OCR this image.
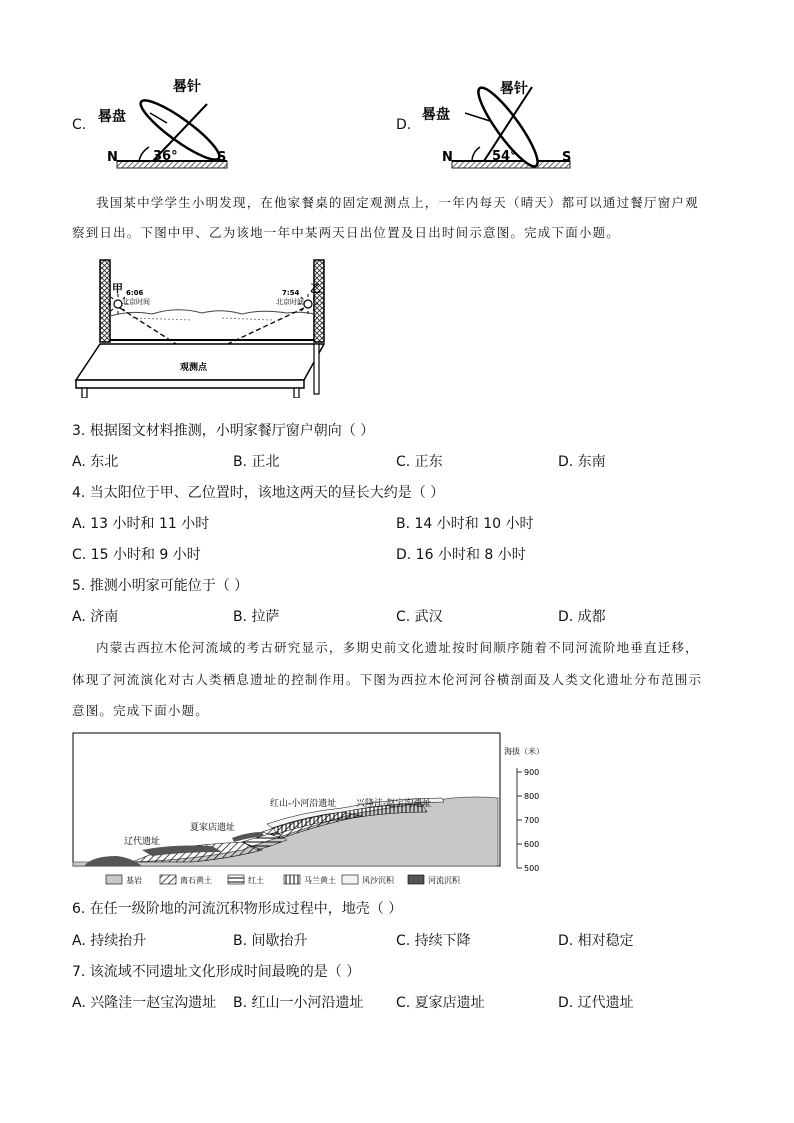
C.
晷针
晷盘
N	S
36°
D.
晷针
晷盘
N	S
54°
我国某中学学生小明发现，在他家餐桌的固定观测点上，一年内每天（晴天）都可以通过餐厅窗户观
察到日出。下图中甲、乙为该地一年中某两天日出位置及日出时间示意图。完成下面小题。
甲	乙
6:06
北京时间
7:54
北京时间
观测点
3. 根据图文材料推测，小明家餐厅窗户朝向（ ）
A. 东北	B. 正北	C. 正东	D. 东南
4. 当太阳位于甲、乙位置时，该地这两天的昼长大约是（ ）
A. 13 小时和 11 小时	B. 14 小时和 10 小时
C. 15 小时和 9 小时	D. 16 小时和 8 小时
5. 推测小明家可能位于（ ）
A. 济南	B. 拉萨	C. 武汉	D. 成都
内蒙古西拉木伦河流域的考古研究显示，多期史前文化遗址按时间顺序随着不同河流阶地垂直迁移，
体现了河流演化对古人类栖息遗址的控制作用。下图为西拉木伦河河谷横剖面及人类文化遗址分布范围示
意图。完成下面小题。
海拔（米）
900
800
700
600
500
辽代遗址
夏家店遗址
红山-小河沿遗址 兴隆洼-赵宝沟遗址
基岩	离石黄土	红土	马兰黄土	风沙沉积	河流沉积
6. 在任一级阶地的河流沉积物形成过程中，地壳（ ）
A. 持续抬升	B. 间歇抬升	C. 持续下降	D. 相对稳定
7. 该流域不同遗址文化形成时间最晚的是（ ）
A. 兴隆洼一赵宝沟遗址 B. 红山一小河沿遗址 C. 夏家店遗址	D. 辽代遗址
